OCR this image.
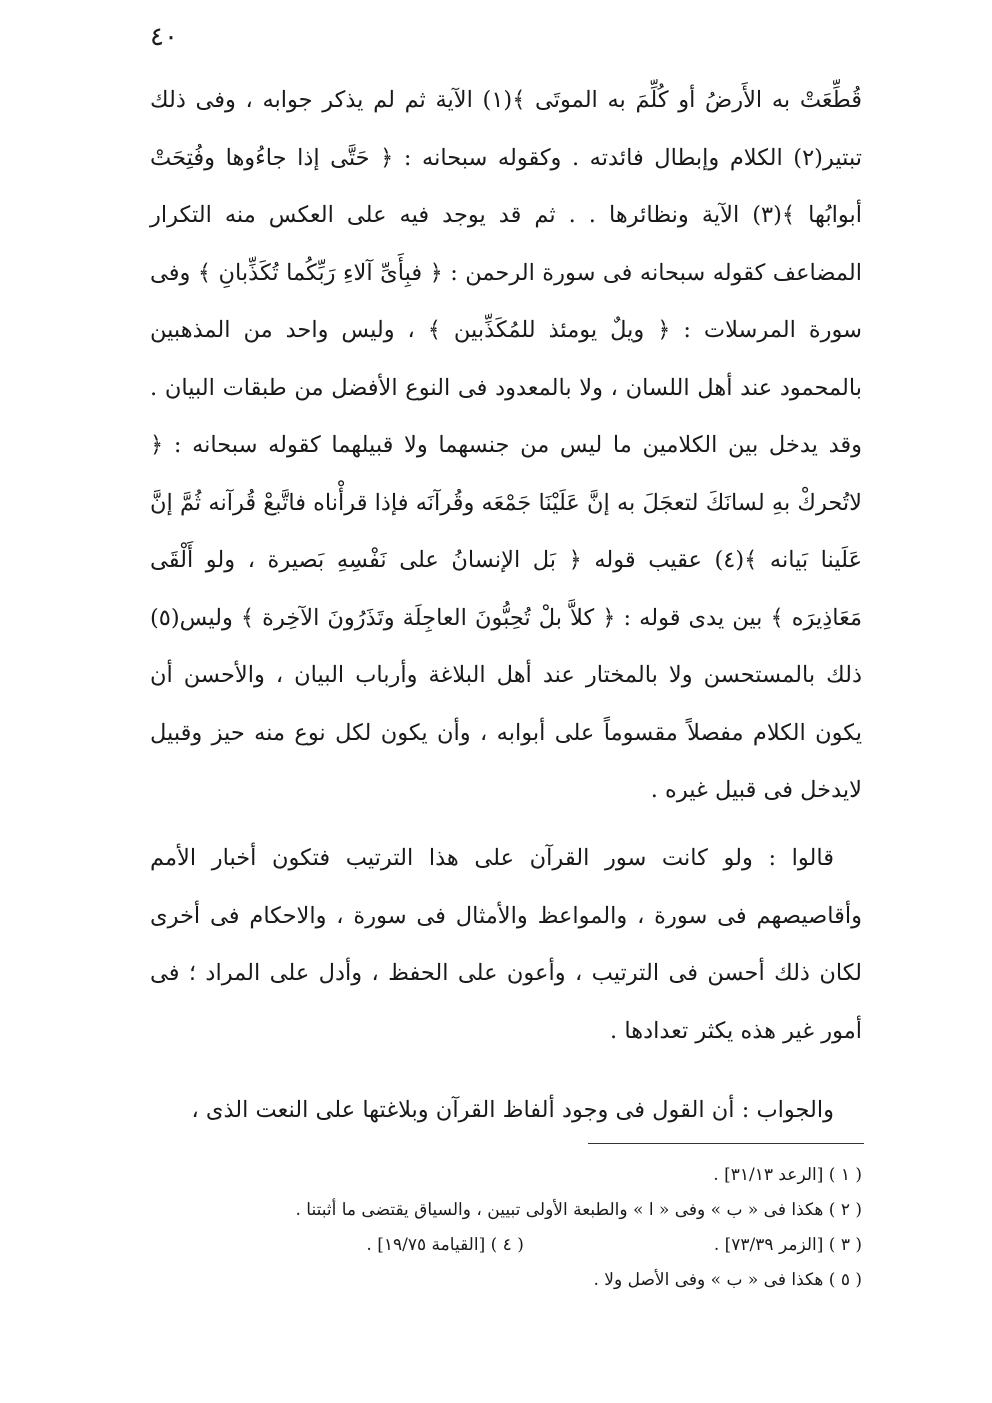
٤٠

قُطِّعَتْ به الأَرضُ أو كُلِّمَ به الموتَى ﴾(١) الآية ثم لم يذكر جوابه ، وفى ذلك تبتير(٢) الكلام وإبطال فائدته . وكقوله سبحانه : ﴿ حَتَّى إذا جاءُوها وفُتِحَتْ أبوابُها ﴾(٣) الآية ونظائرها . . ثم قد يوجد فيه على العكس منه التكرار المضاعف كقوله سبحانه فى سورة الرحمن : ﴿ فبِأَىِّ آلاءِ رَبِّكُما تُكَذِّبانِ ﴾ وفى سورة المرسلات : ﴿ ويلٌ يومئذ للمُكَذِّبين ﴾ ، وليس واحد من المذهبين بالمحمود عند أهل اللسان ، ولا بالمعدود فى النوع الأفضل من طبقات البيان . وقد يدخل بين الكلامين ما ليس من جنسهما ولا قبيلهما كقوله سبحانه : ﴿ لاتُحركْ بهِ لسانَكَ لتعجَلَ به إنَّ عَلَيْنَا جَمْعَه وقُرآنَه فإذا قرأْناه فاتَّبعْ قُرآنه ثُمَّ إنَّ عَلَينا بَيانه ﴾(٤) عقيب قوله ﴿ بَل الإنسانُ على نَفْسِهِ بَصيرة ، ولو أَلْقَى مَعَاذِيرَه ﴾ بين يدى قوله : ﴿ كلاَّ بلْ تُحِبُّونَ العاجِلَة وتَذَرُونَ الآخِرة ﴾ وليس(٥) ذلك بالمستحسن ولا بالمختار عند أهل البلاغة وأرباب البيان ، والأحسن أن يكون الكلام مفصلاً مقسوماً على أبوابه ، وأن يكون لكل نوع منه حيز وقبيل لايدخل فى قبيل غيره .

قالوا : ولو كانت سور القرآن على هذا الترتيب فتكون أخبار الأمم وأقاصيصهم فى سورة ، والمواعظ والأمثال فى سورة ، والاحكام فى أخرى لكان ذلك أحسن فى الترتيب ، وأعون على الحفظ ، وأدل على المراد ؛ فى أمور غير هذه يكثر تعدادها .

والجواب : أن القول فى وجود ألفاظ القرآن وبلاغتها على النعت الذى ،

( ١ ) [الرعد ٣١/١٣] .

( ٢ ) هكذا فى « ب » وفى « ا » والطبعة الأولى تبيين ، والسياق يقتضى ما أثبتنا .

( ٣ ) [الزمر ٧٣/٣٩] .

( ٤ ) [القيامة ١٩/٧٥] .

( ٥ ) هكذا فى « ب » وفى الأصل ولا .
